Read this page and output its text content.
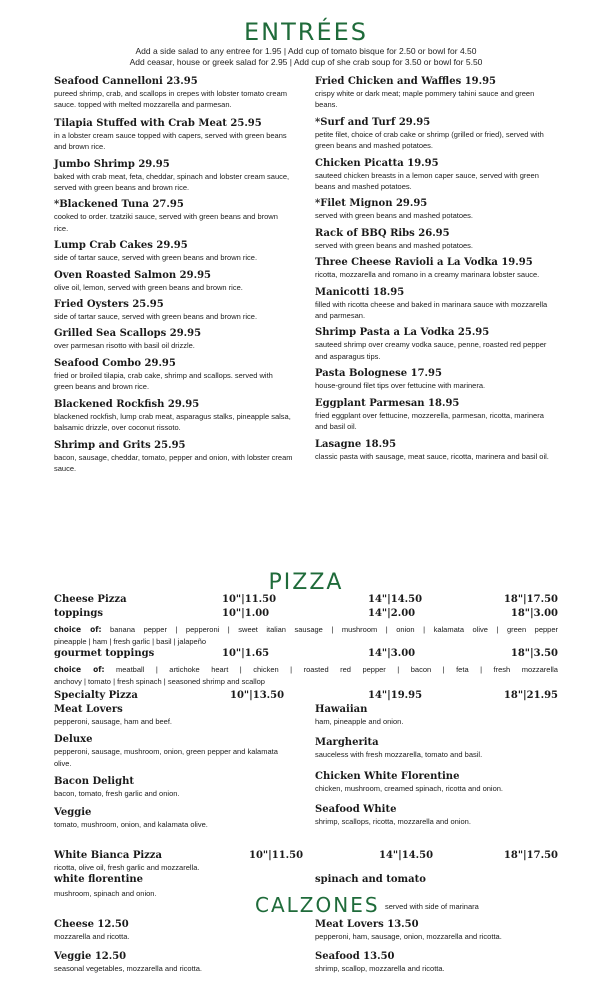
ENTRÉES
Add a side salad to any entree for 1.95 | Add cup of tomato bisque for 2.50 or bowl for 4.50
Add ceasar, house or greek salad for 2.95 | Add cup of she crab soup for 3.50 or bowl for 5.50
Seafood Cannelloni 23.95
pureed shrimp, crab, and scallops in crepes with lobster tomato cream sauce. topped with melted mozzarella and parmesan.
Tilapia Stuffed with Crab Meat 25.95
in a lobster cream sauce topped with capers, served with green beans and brown rice.
Jumbo Shrimp 29.95
baked with crab meat, feta, cheddar, spinach and lobster cream sauce, served with green beans and brown rice.
*Blackened Tuna 27.95
cooked to order. tzatziki sauce, served with green beans and brown rice.
Lump Crab Cakes 29.95
side of tartar sauce, served with green beans and brown rice.
Oven Roasted Salmon 29.95
olive oil, lemon, served with green beans and brown rice.
Fried Oysters 25.95
side of tartar sauce, served with green beans and brown rice.
Grilled Sea Scallops 29.95
over parmesan risotto with basil oil drizzle.
Seafood Combo 29.95
fried or broiled tilapia, crab cake, shrimp and scallops. served with green beans and brown rice.
Blackened Rockfish 29.95
blackened rockfish, lump crab meat, asparagus stalks, pineapple salsa, balsamic drizzle, over coconut rissoto.
Shrimp and Grits 25.95
bacon, sausage, cheddar, tomato, pepper and onion, with lobster cream sauce.
Fried Chicken and Waffles 19.95
crispy white or dark meat; maple pommery tahini sauce and green beans.
*Surf and Turf 29.95
petite filet, choice of crab cake or shrimp (grilled or fried), served with green beans and mashed potatoes.
Chicken Picatta 19.95
sauteed chicken breasts in a lemon caper sauce, served with green beans and mashed potatoes.
*Filet Mignon 29.95
served with green beans and mashed potatoes.
Rack of BBQ Ribs 26.95
served with green beans and mashed potatoes.
Three Cheese Ravioli a La Vodka 19.95
ricotta, mozzarella and romano in a creamy marinara lobster sauce.
Manicotti 18.95
filled with ricotta cheese and baked in marinara sauce with mozzarella and parmesan.
Shrimp Pasta a La Vodka 25.95
sauteed shrimp over creamy vodka sauce, penne, roasted red pepper and asparagus tips.
Pasta Bolognese 17.95
house-ground filet tips over fettucine with marinera.
Eggplant Parmesan 18.95
fried eggplant over fettucine, mozzerella, parmesan, ricotta, marinera and basil oil.
Lasagne 18.95
classic pasta with sausage, meat sauce, ricotta, marinera and basil oil.
PIZZA
Cheese Pizza	10"|11.50	14"|14.50	18"|17.50
toppings	10"|1.00	14"|2.00	18"|3.00
choice of: banana pepper | pepperoni | sweet italian sausage | mushroom | onion | kalamata olive | green pepper
pineapple | ham | fresh garlic | basil | jalapeño
gourmet toppings	10"|1.65	14"|3.00	18"|3.50
choice of: meatball | artichoke heart | chicken | roasted red pepper | bacon | feta | fresh mozzarella
anchovy | tomato | fresh spinach | seasoned shrimp and scallop
Specialty Pizza	10"|13.50	14"|19.95	18"|21.95
Meat Lovers
pepperoni, sausage, ham and beef.
Deluxe
pepperoni, sausage, mushroom, onion, green pepper and kalamata olive.
Bacon Delight
bacon, tomato, fresh garlic and onion.
Veggie
tomato, mushroom, onion, and kalamata olive.
Hawaiian
ham, pineapple and onion.
Margherita
sauceless with fresh mozzarella, tomato and basil.
Chicken White Florentine
chicken, mushroom, creamed spinach, ricotta and onion.
Seafood White
shrimp, scallops, ricotta, mozzarella and onion.
White Bianca Pizza	10"|11.50	14"|14.50	18"|17.50
ricotta, olive oil, fresh garlic and mozzarella.
white florentine
mushroom, spinach and onion.
spinach and tomato
CALZONES served with side of marinara
Cheese 12.50
mozzarella and ricotta.
Veggie 12.50
seasonal vegetables, mozzarella and ricotta.
Meat Lovers 13.50
pepperoni, ham, sausage, onion, mozzarella and ricotta.
Seafood 13.50
shrimp, scallop, mozzarella and ricotta.
